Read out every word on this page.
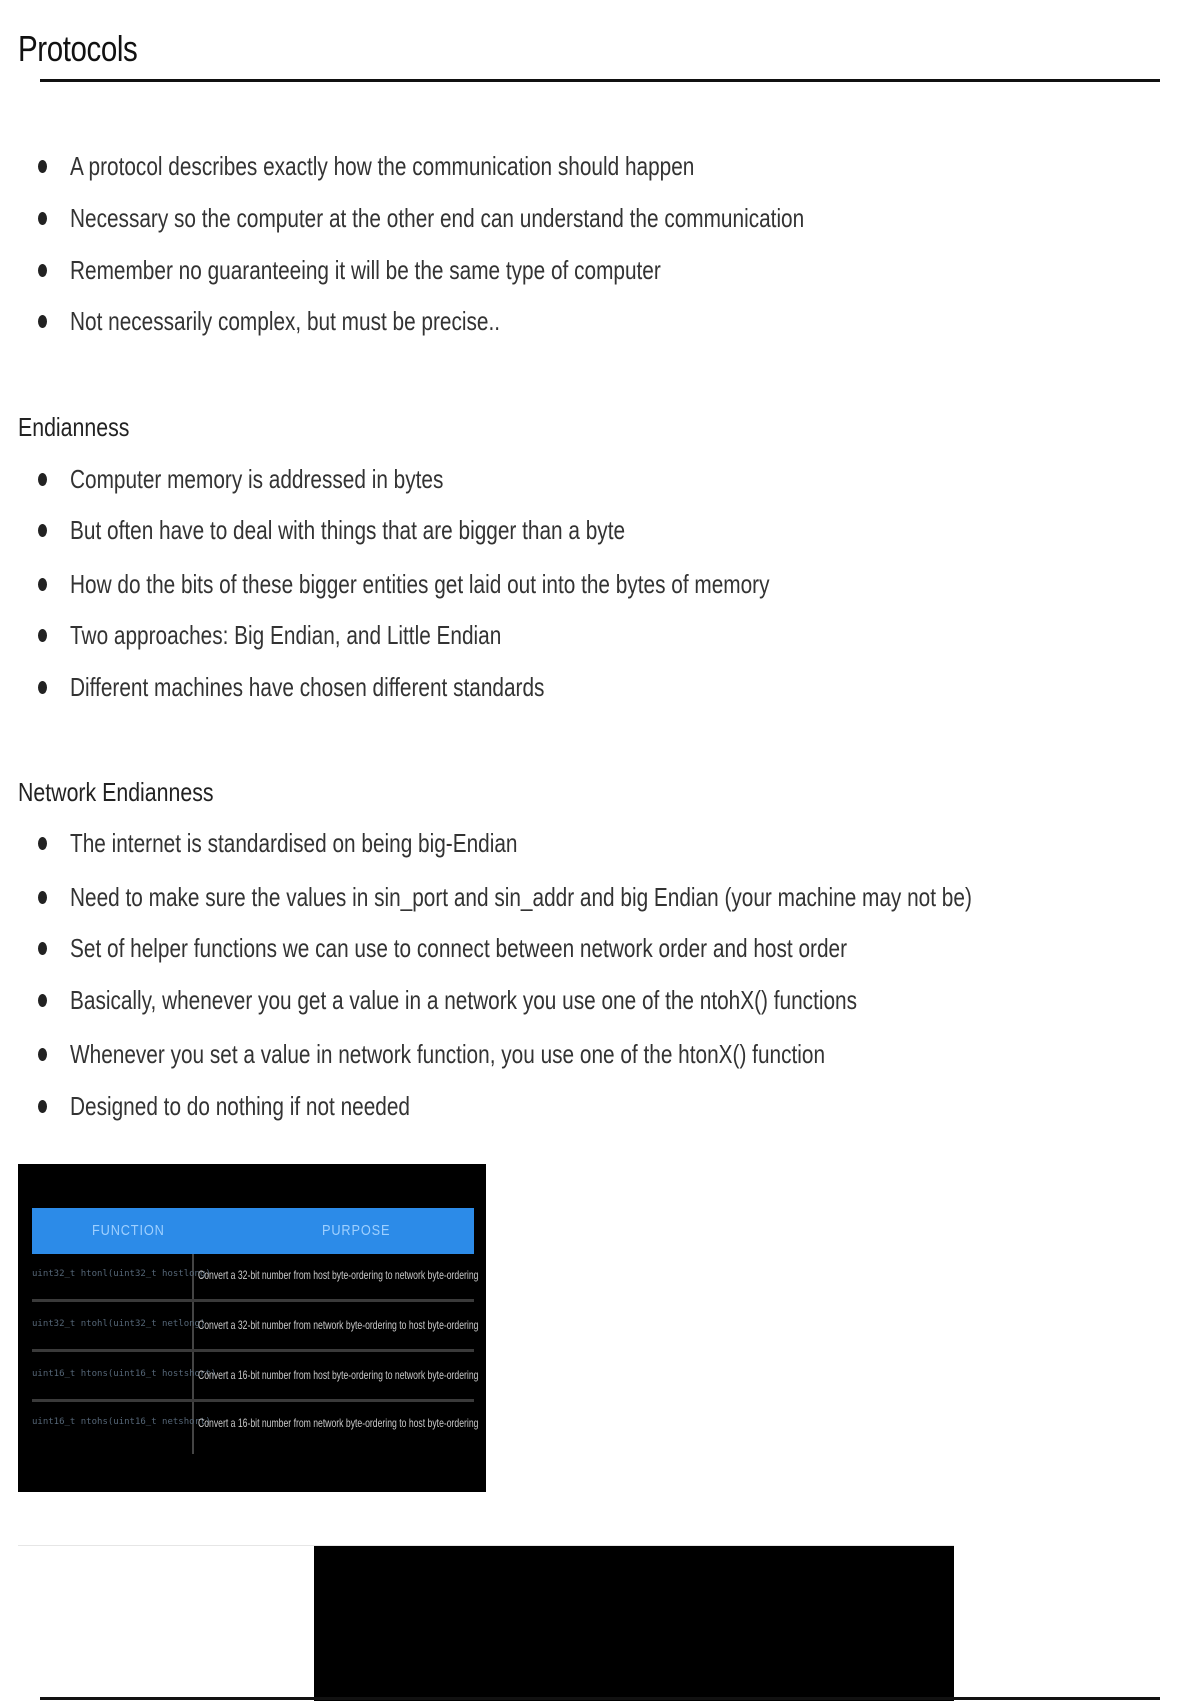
Protocols
A protocol describes exactly how the communication should happen
Necessary so the computer at the other end can understand the communication
Remember no guaranteeing it will be the same type of computer
Not necessarily complex, but must be precise..
Endianness
Computer memory is addressed in bytes
But often have to deal with things that are bigger than a byte
How do the bits of these bigger entities get laid out into the bytes of memory
Two approaches: Big Endian, and Little Endian
Different machines have chosen different standards
Network Endianness
The internet is standardised on being big-Endian
Need to make sure the values in sin_port and sin_addr and big Endian (your machine may not be)
Set of helper functions we can use to connect between network order and host order
Basically, whenever you get a value in a network you use one of the ntohX() functions
Whenever you set a value in network function, you use one of the htonX() function
Designed to do nothing if not needed
FUNCTION	PURPOSE
uint32_t htonl(uint32_t hostlong)
Convert a 32-bit number from host byte-ordering to network byte-ordering
uint32_t ntohl(uint32_t netlong)
Convert a 32-bit number from network byte-ordering to host byte-ordering
uint16_t htons(uint16_t hostshort)
Convert a 16-bit number from host byte-ordering to network byte-ordering
uint16_t ntohs(uint16_t netshort)
Convert a 16-bit number from network byte-ordering to host byte-ordering
